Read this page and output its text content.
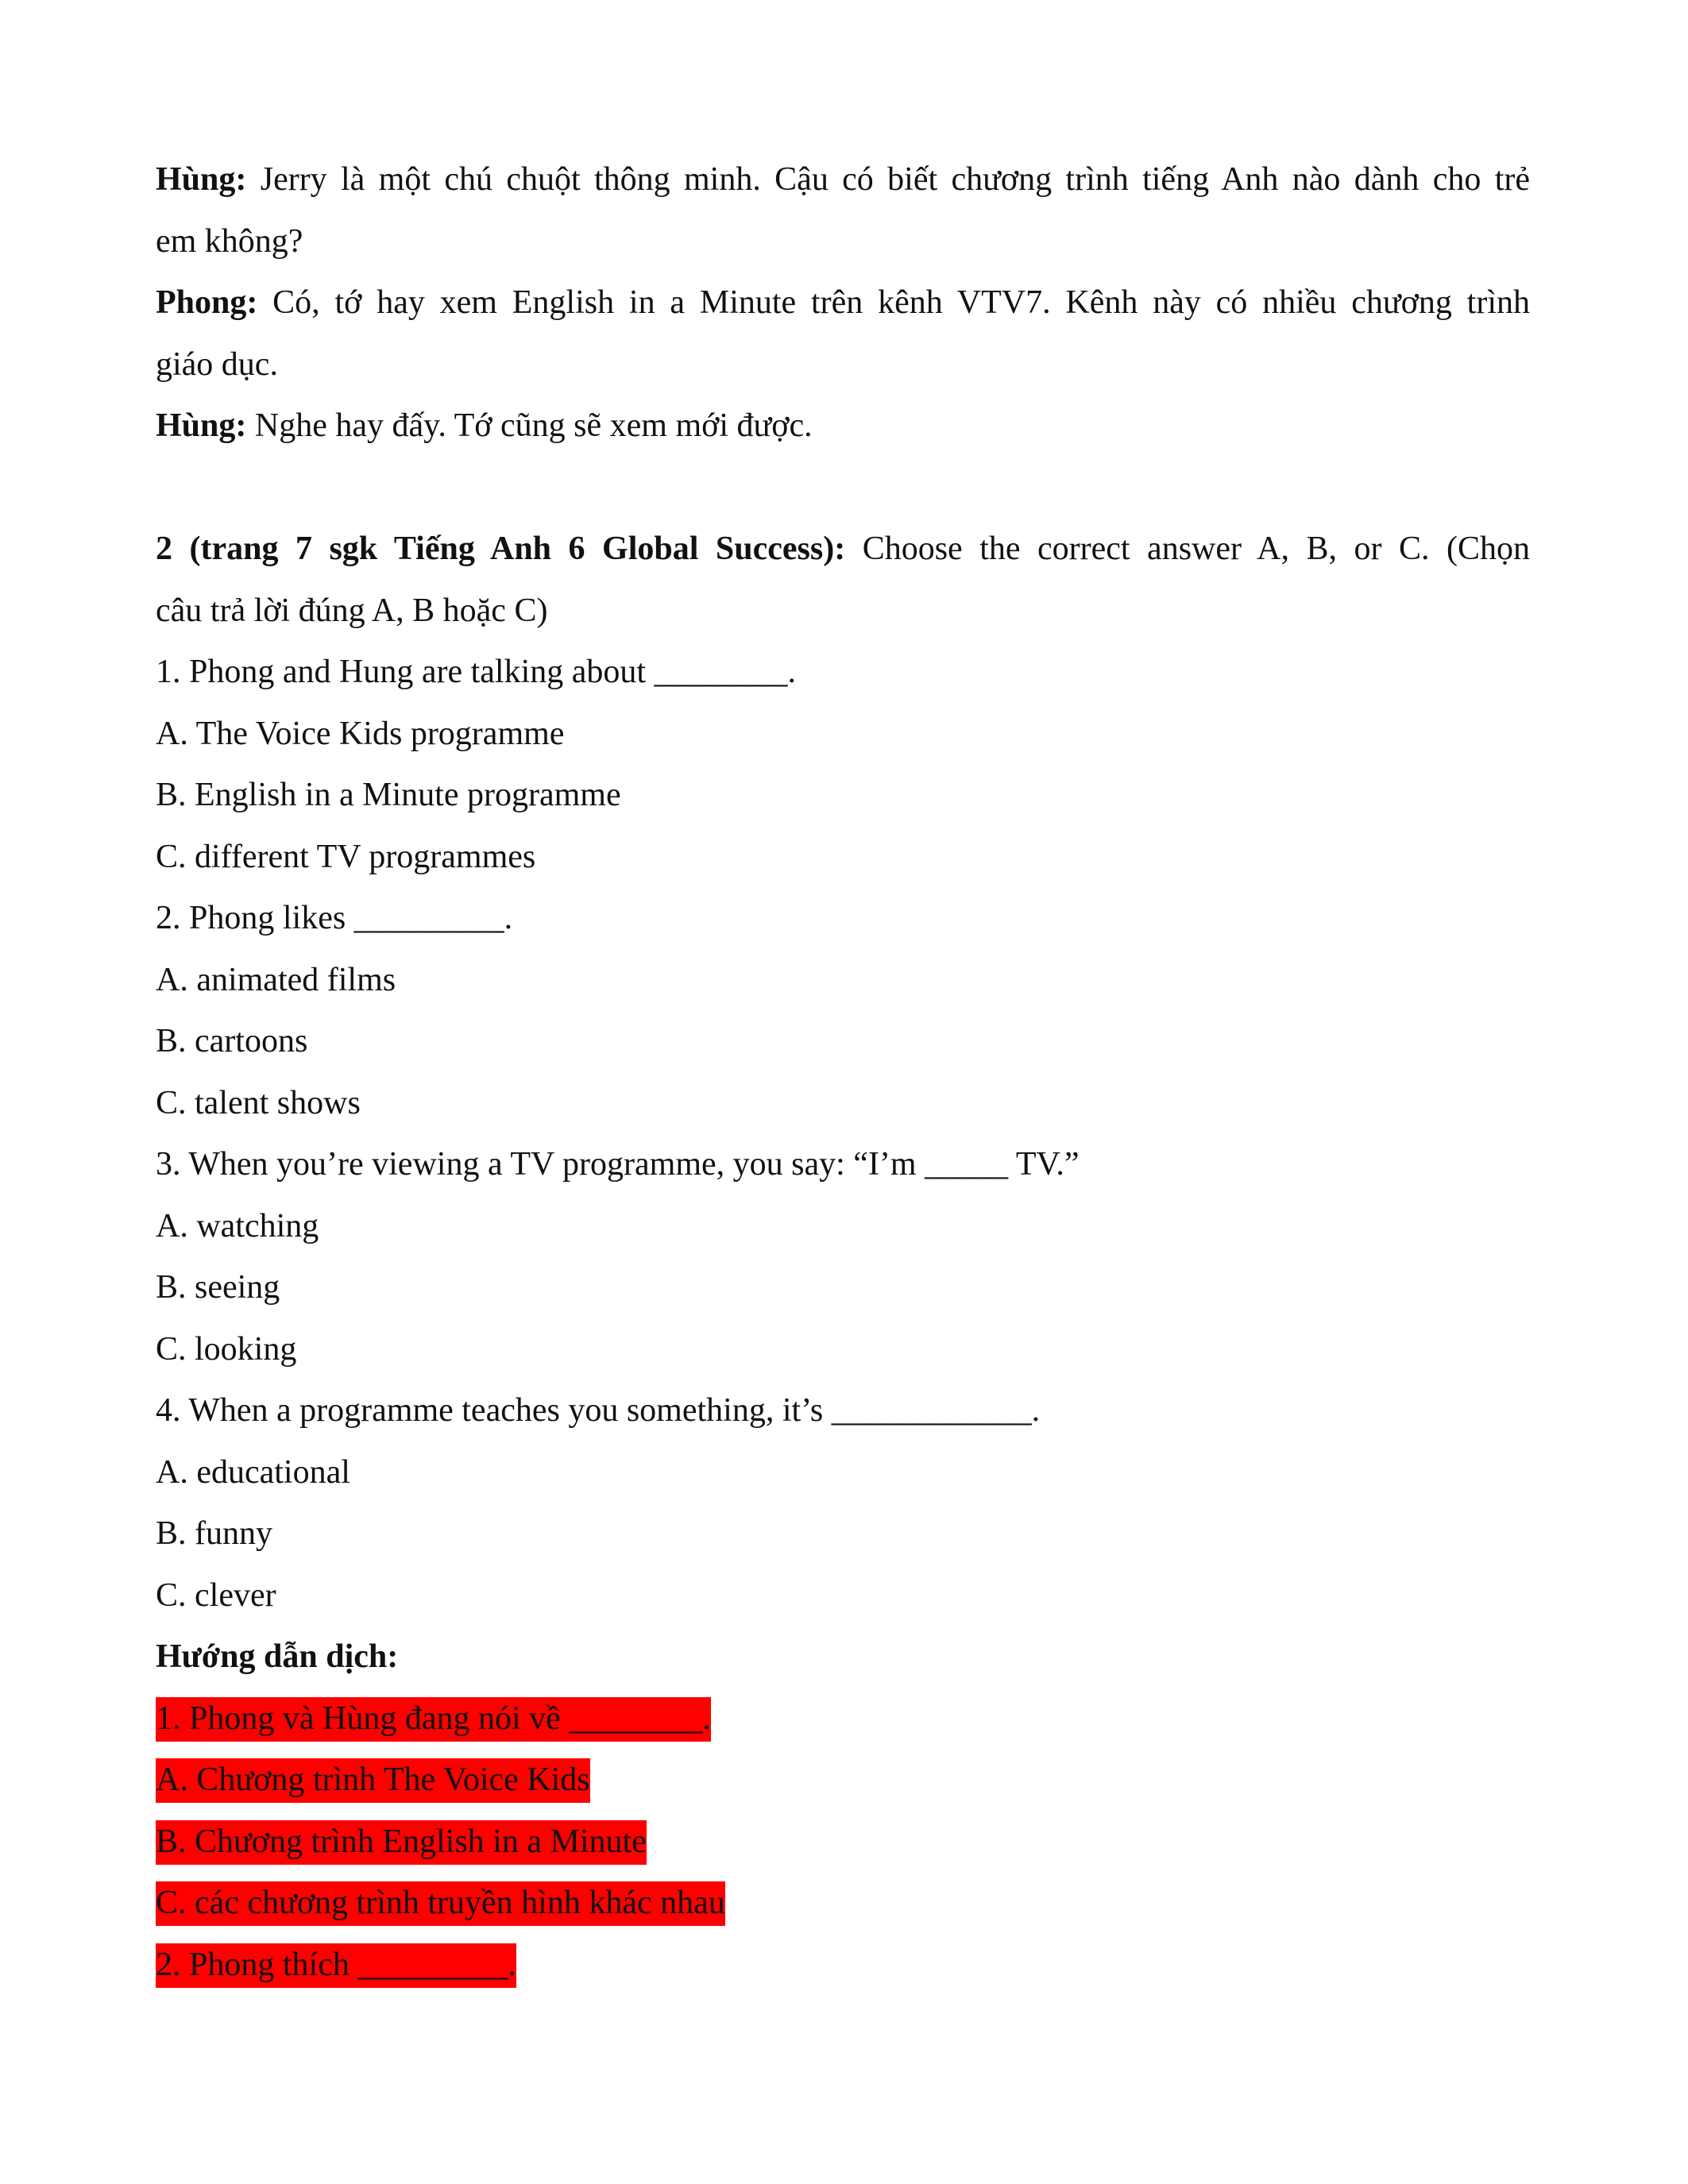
Hùng: Jerry là một chú chuột thông minh. Cậu có biết chương trình tiếng Anh nào dành cho trẻ
em không?
Phong: Có, tớ hay xem English in a Minute trên kênh VTV7. Kênh này có nhiều chương trình
giáo dục.
Hùng: Nghe hay đấy. Tớ cũng sẽ xem mới được.
2 (trang 7 sgk Tiếng Anh 6 Global Success): Choose the correct answer A, B, or C. (Chọn
câu trả lời đúng A, B hoặc C)
1. Phong and Hung are talking about ________.
A. The Voice Kids programme
B. English in a Minute programme
C. different TV programmes
2. Phong likes _________.
A. animated films
B. cartoons
C. talent shows
3. When you’re viewing a TV programme, you say: “I’m _____ TV.”
A. watching
B. seeing
C. looking
4. When a programme teaches you something, it’s ____________.
A. educational
B. funny
C. clever
Hướng dẫn dịch:
1. Phong và Hùng đang nói về ________.
A. Chương trình The Voice Kids
B. Chương trình English in a Minute
C. các chương trình truyền hình khác nhau
2. Phong thích _________.
